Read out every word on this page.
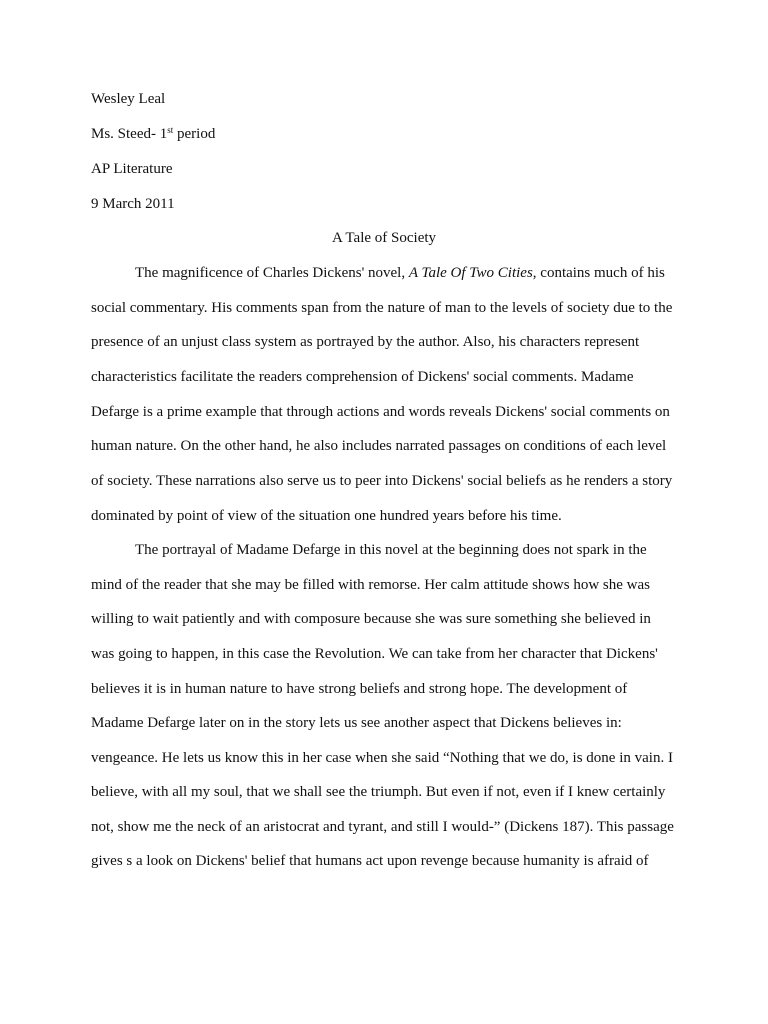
Wesley Leal
Ms. Steed- 1st period
AP Literature
9 March 2011
A Tale of Society
The magnificence of Charles Dickens' novel, A Tale Of Two Cities, contains much of his
social commentary. His comments span from the nature of man to the levels of society due to the
presence of an unjust class system as portrayed by the author. Also, his characters represent
characteristics facilitate the readers comprehension of Dickens' social comments. Madame
Defarge is a prime example that through actions and words reveals Dickens' social comments on
human nature. On the other hand, he also includes narrated passages on conditions of each level
of society. These narrations also serve us to peer into Dickens' social beliefs as he renders a story
dominated by point of view of the situation one hundred years before his time.
The portrayal of Madame Defarge in this novel at the beginning does not spark in the
mind of the reader that she may be filled with remorse. Her calm attitude shows how she was
willing to wait patiently and with composure because she was sure something she believed in
was going to happen, in this case the Revolution. We can take from her character that Dickens'
believes it is in human nature to have strong beliefs and strong hope. The development of
Madame Defarge later on in the story lets us see another aspect that Dickens believes in:
vengeance. He lets us know this in her case when she said “Nothing that we do, is done in vain. I
believe, with all my soul, that we shall see the triumph. But even if not, even if I knew certainly
not, show me the neck of an aristocrat and tyrant, and still I would-” (Dickens 187). This passage
gives s a look on Dickens' belief that humans act upon revenge because humanity is afraid of
